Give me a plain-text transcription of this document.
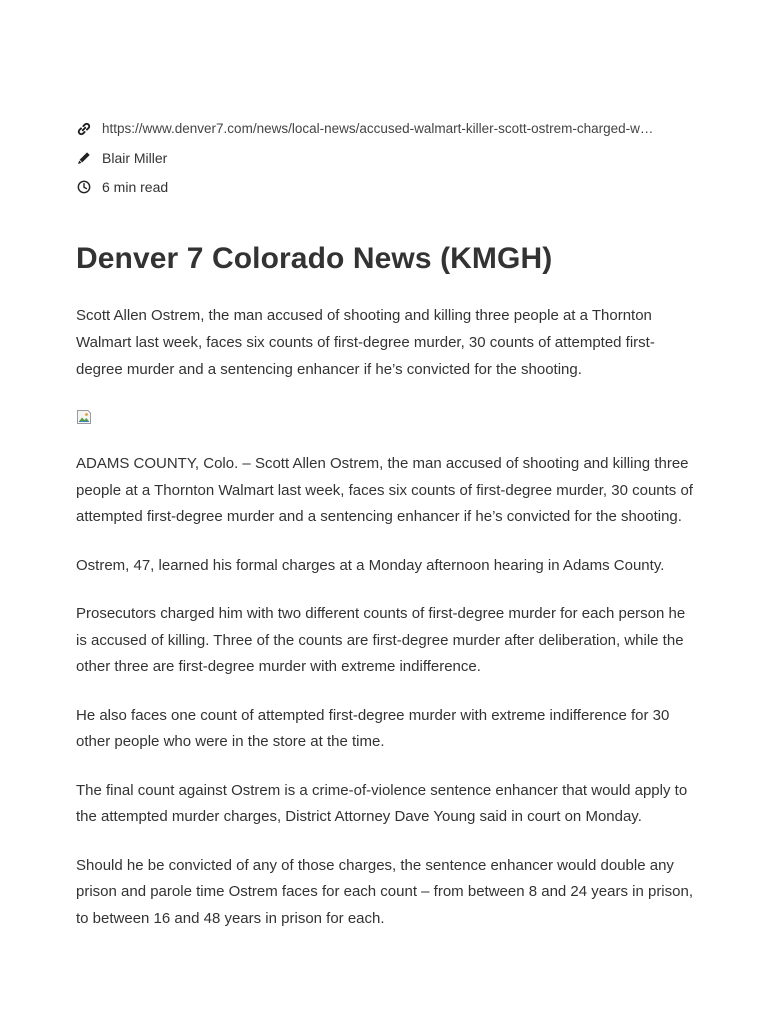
https://www.denver7.com/news/local-news/accused-walmart-killer-scott-ostrem-charged-w…
Blair Miller
6 min read
Denver 7 Colorado News (KMGH)

Scott Allen Ostrem, the man accused of shooting and killing three people at a Thornton Walmart last week, faces six counts of first-degree murder, 30 counts of attempted first-degree murder and a sentencing enhancer if he’s convicted for the shooting.

ADAMS COUNTY, Colo. – Scott Allen Ostrem, the man accused of shooting and killing three people at a Thornton Walmart last week, faces six counts of first-degree murder, 30 counts of attempted first-degree murder and a sentencing enhancer if he’s convicted for the shooting.

Ostrem, 47, learned his formal charges at a Monday afternoon hearing in Adams County.

Prosecutors charged him with two different counts of first-degree murder for each person he is accused of killing. Three of the counts are first-degree murder after deliberation, while the other three are first-degree murder with extreme indifference.

He also faces one count of attempted first-degree murder with extreme indifference for 30 other people who were in the store at the time.

The final count against Ostrem is a crime-of-violence sentence enhancer that would apply to the attempted murder charges, District Attorney Dave Young said in court on Monday.

Should he be convicted of any of those charges, the sentence enhancer would double any prison and parole time Ostrem faces for each count – from between 8 and 24 years in prison, to between 16 and 48 years in prison for each.
